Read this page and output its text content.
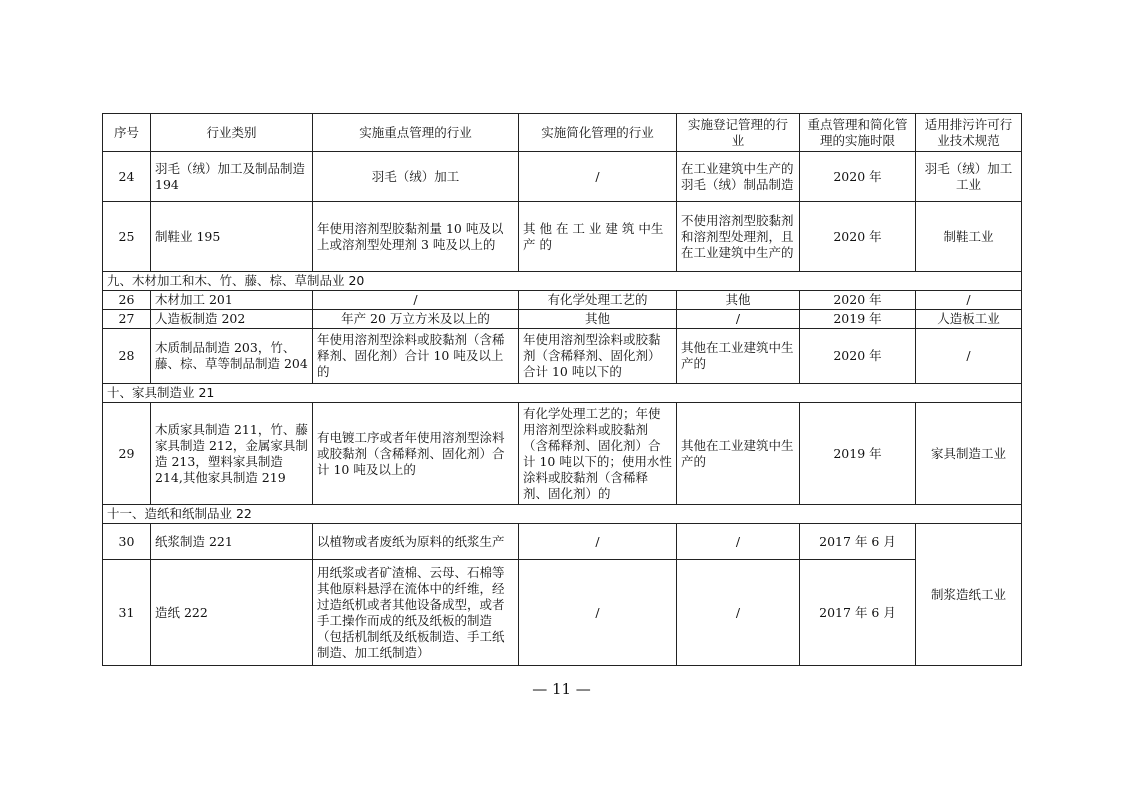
序号	行业类别	实施重点管理的行业	实施简化管理的行业	实施登记管理的行　　业	重点管理和简化管理的实施时限	适用排污许可行业技术规范
24	羽毛（绒）加工及制品制造 194	羽毛（绒）加工	/	在工业建筑中生产的羽毛（绒）制品制造	2020 年	羽毛（绒）加工工业
25	制鞋业 195	年使用溶剂型胶黏剂量 10 吨及以上或溶剂型处理剂 3 吨及以上的	其 他 在 工 业 建 筑 中生 产 的	不使用溶剂型胶黏剂和溶剂型处理剂，且在工业建筑中生产的	2020 年	制鞋工业
九、木材加工和木、竹、藤、棕、草制品业 20						
26	木材加工 201	/	有化学处理工艺的	其他	2020 年	/
27	人造板制造 202	年产 20 万立方米及以上的	其他	/	2019 年	人造板工业
28	木质制品制造 203，竹、藤、棕、草等制品制造 204	年使用溶剂型涂料或胶黏剂（含稀释剂、固化剂）合计 10 吨及以上的	年使用溶剂型涂料或胶黏剂（含稀释剂、固化剂）合计 10 吨以下的	其他在工业建筑中生产的	2020 年	/
十、家具制造业 21						
29	木质家具制造 211，竹、藤家具制造 212，金属家具制造 213，塑料家具制造214,其他家具制造 219	有电镀工序或者年使用溶剂型涂料或胶黏剂（含稀释剂、固化剂）合计 10 吨及以上的	有化学处理工艺的；年使用溶剂型涂料或胶黏剂（含稀释剂、固化剂）合计 10 吨以下的；使用水性涂料或胶黏剂（含稀释剂、固化剂）的	其他在工业建筑中生产的	2019 年	家具制造工业
十一、造纸和纸制品业 22						
30	纸浆制造 221	以植物或者废纸为原料的纸浆生产	/	/	2017 年 6 月	制浆造纸工业
31	造纸 222	用纸浆或者矿渣棉、云母、石棉等其他原料悬浮在流体中的纤维，经过造纸机或者其他设备成型，或者手工操作而成的纸及纸板的制造（包括机制纸及纸板制造、手工纸制造、加工纸制造）	/	/	2017 年 6 月	
— 11 —
